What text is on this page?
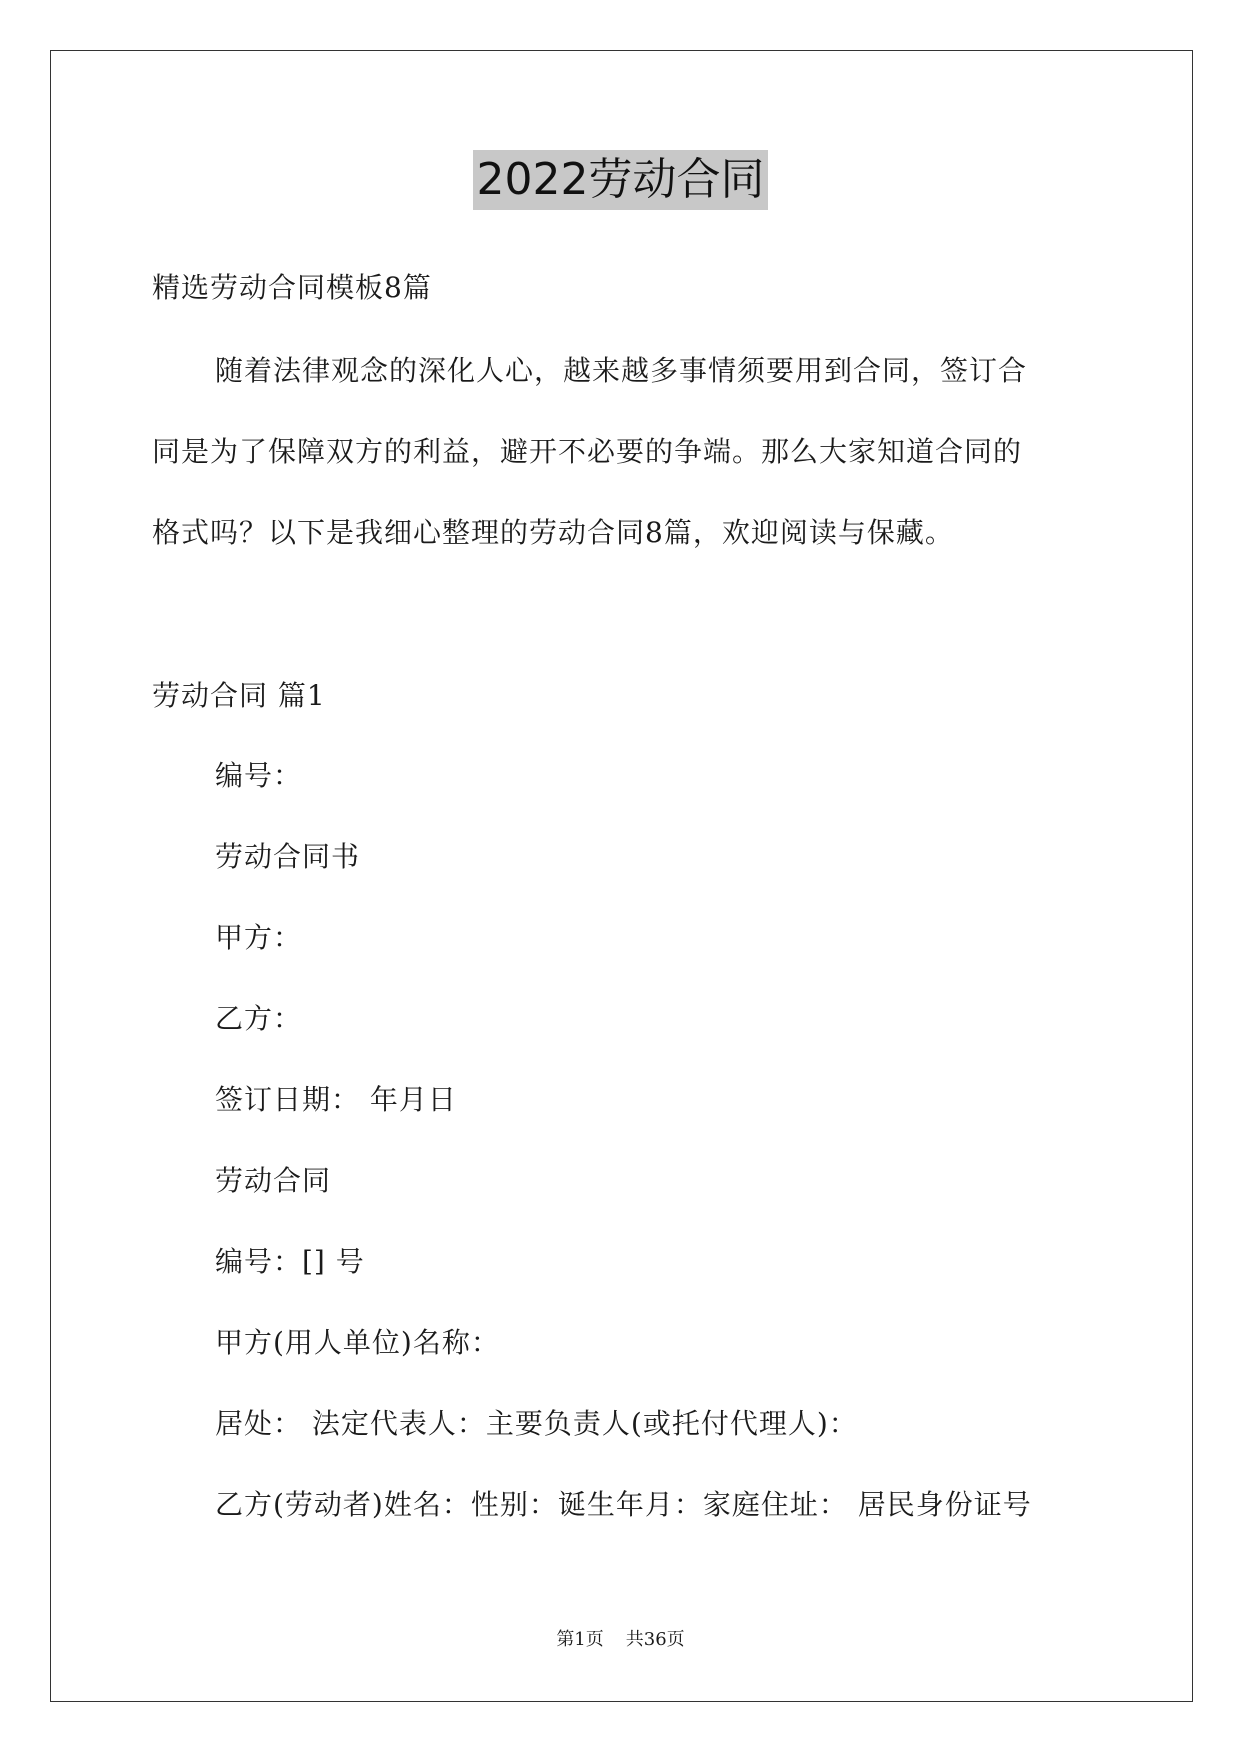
2022劳动合同
精选劳动合同模板8篇
随着法律观念的深化人心，越来越多事情须要用到合同，签订合
同是为了保障双方的利益，避开不必要的争端。那么大家知道合同的
格式吗？以下是我细心整理的劳动合同8篇，欢迎阅读与保藏。
劳动合同 篇1
编号：
劳动合同书
甲方：
乙方：
签订日期： 年月日
劳动合同
编号：[] 号
甲方(用人单位)名称：
居处： 法定代表人：主要负责人(或托付代理人)：
乙方(劳动者)姓名：性别：诞生年月：家庭住址： 居民身份证号
第1页 共36页
